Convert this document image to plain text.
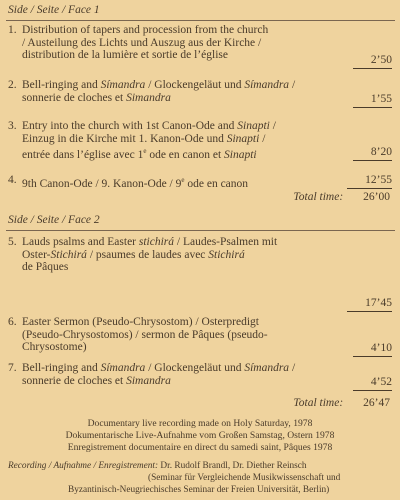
Side / Seite / Face 1
1. Distribution of tapers and procession from the church
/ Austeilung des Lichts und Auszug aus der Kirche /
distribution de la lumière et sortie de l’église	2’50
2. Bell-ringing and Símandra / Glockengeläut und Símandra /
sonnerie de cloches et Simandra	1’55
3. Entry into the church with 1st Canon-Ode and Sinapti /
Einzug in die Kirche mit 1. Kanon-Ode und Sinapti /
entrée dans l’église avec 1e ode en canon et Sinapti	8’20
4. 9th Canon-Ode / 9. Kanon-Ode / 9e ode en canon	12’55
Total time: 26’00
Side / Seite / Face 2
5. Lauds psalms and Easter stichirá / Laudes-Psalmen mit
Oster-Stichirá / psaumes de laudes avec Stichirá
de Pâques
17’45
6. Easter Sermon (Pseudo-Chrysostom) / Osterpredigt
(Pseudo-Chrysostomos) / sermon de Pâques (pseudo-
Chrysostome)	4’10
7. Bell-ringing and Símandra / Glockengeläut und Símandra /
sonnerie de cloches et Simandra	4’52
Total time: 26’47
Documentary live recording made on Holy Saturday, 1978
Dokumentarische Live-Aufnahme vom Großen Samstag, Ostern 1978
Enregistrement documentaire en direct du samedi saint, Pâques 1978
Recording / Aufnahme / Enregistrement: Dr. Rudolf Brandl, Dr. Diether Reinsch
(Seminar für Vergleichende Musikwissenschaft und
Byzantinisch-Neugriechisches Seminar der Freien Universität, Berlin)
